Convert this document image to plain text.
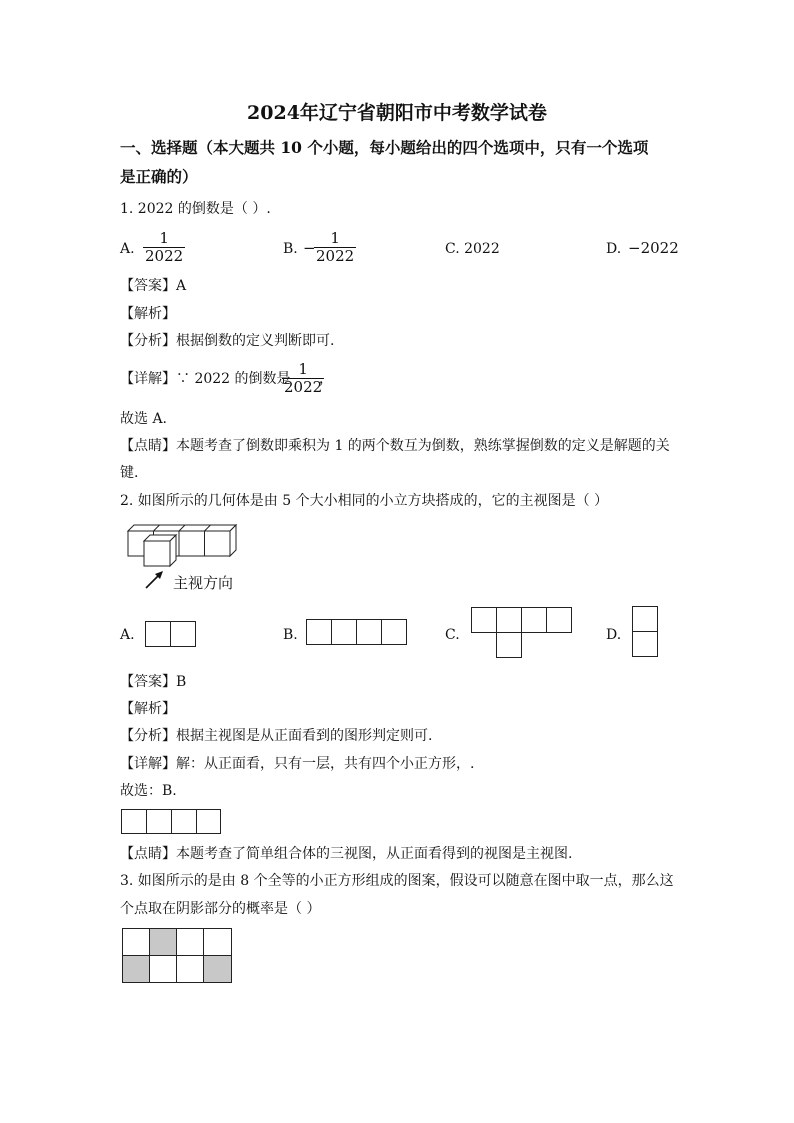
2024年辽宁省朝阳市中考数学试卷
一、选择题（本大题共 10 个小题，每小题给出的四个选项中，只有一个选项
是正确的）
1. 2022 的倒数是（ ）.
A.
1
2022	B. −
1
2022	C. 2022	D. −2022
【答案】A
【解析】
【分析】根据倒数的定义判断即可.
【详解】∵ 2022 的倒数是
1
2022
，
故选 A.
【点睛】本题考查了倒数即乘积为 1 的两个数互为倒数，熟练掌握倒数的定义是解题的关
键.
2. 如图所示的几何体是由 5 个大小相同的小立方块搭成的，它的主视图是（ ）
主视方向
A.	B.	C.	D.
【答案】B
【解析】
【分析】根据主视图是从正面看到的图形判定则可.
【详解】解：从正面看，只有一层，共有四个小正方形，.
故选：B.
【点睛】本题考查了简单组合体的三视图，从正面看得到的视图是主视图.
3. 如图所示的是由 8 个全等的小正方形组成的图案，假设可以随意在图中取一点，那么这
个点取在阴影部分的概率是（ ）
